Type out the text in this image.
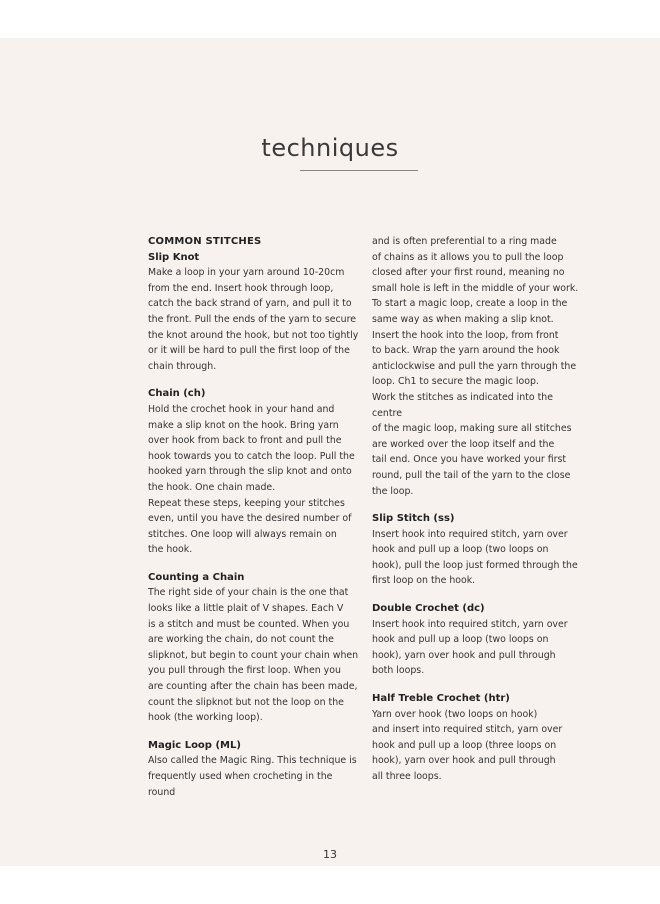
techniques

COMMON STITCHES

Slip Knot

Make a loop in your yarn around 10-20cm

from the end. Insert hook through loop,

catch the back strand of yarn, and pull it to

the front. Pull the ends of the yarn to secure

the knot around the hook, but not too tightly

or it will be hard to pull the first loop of the

chain through.

Chain (ch)

Hold the crochet hook in your hand and

make a slip knot on the hook. Bring yarn

over hook from back to front and pull the

hook towards you to catch the loop. Pull the

hooked yarn through the slip knot and onto

the hook. One chain made.

Repeat these steps, keeping your stitches

even, until you have the desired number of

stitches. One loop will always remain on

the hook.

Counting a Chain

The right side of your chain is the one that

looks like a little plait of V shapes. Each V

is a stitch and must be counted. When you

are working the chain, do not count the

slipknot, but begin to count your chain when

you pull through the first loop. When you

are counting after the chain has been made,

count the slipknot but not the loop on the

hook (the working loop).

Magic Loop (ML)

Also called the Magic Ring. This technique is

frequently used when crocheting in the round

and is often preferential to a ring made

of chains as it allows you to pull the loop

closed after your first round, meaning no

small hole is left in the middle of your work.

To start a magic loop, create a loop in the

same way as when making a slip knot.

Insert the hook into the loop, from front

to back. Wrap the yarn around the hook

anticlockwise and pull the yarn through the

loop. Ch1 to secure the magic loop.

Work the stitches as indicated into the centre

of the magic loop, making sure all stitches

are worked over the loop itself and the

tail end. Once you have worked your first

round, pull the tail of the yarn to the close

the loop.

Slip Stitch (ss)

Insert hook into required stitch, yarn over

hook and pull up a loop (two loops on

hook), pull the loop just formed through the

first loop on the hook.

Double Crochet (dc)

Insert hook into required stitch, yarn over

hook and pull up a loop (two loops on

hook), yarn over hook and pull through

both loops.

Half Treble Crochet (htr)

Yarn over hook (two loops on hook)

and insert into required stitch, yarn over

hook and pull up a loop (three loops on

hook), yarn over hook and pull through

all three loops.

13
